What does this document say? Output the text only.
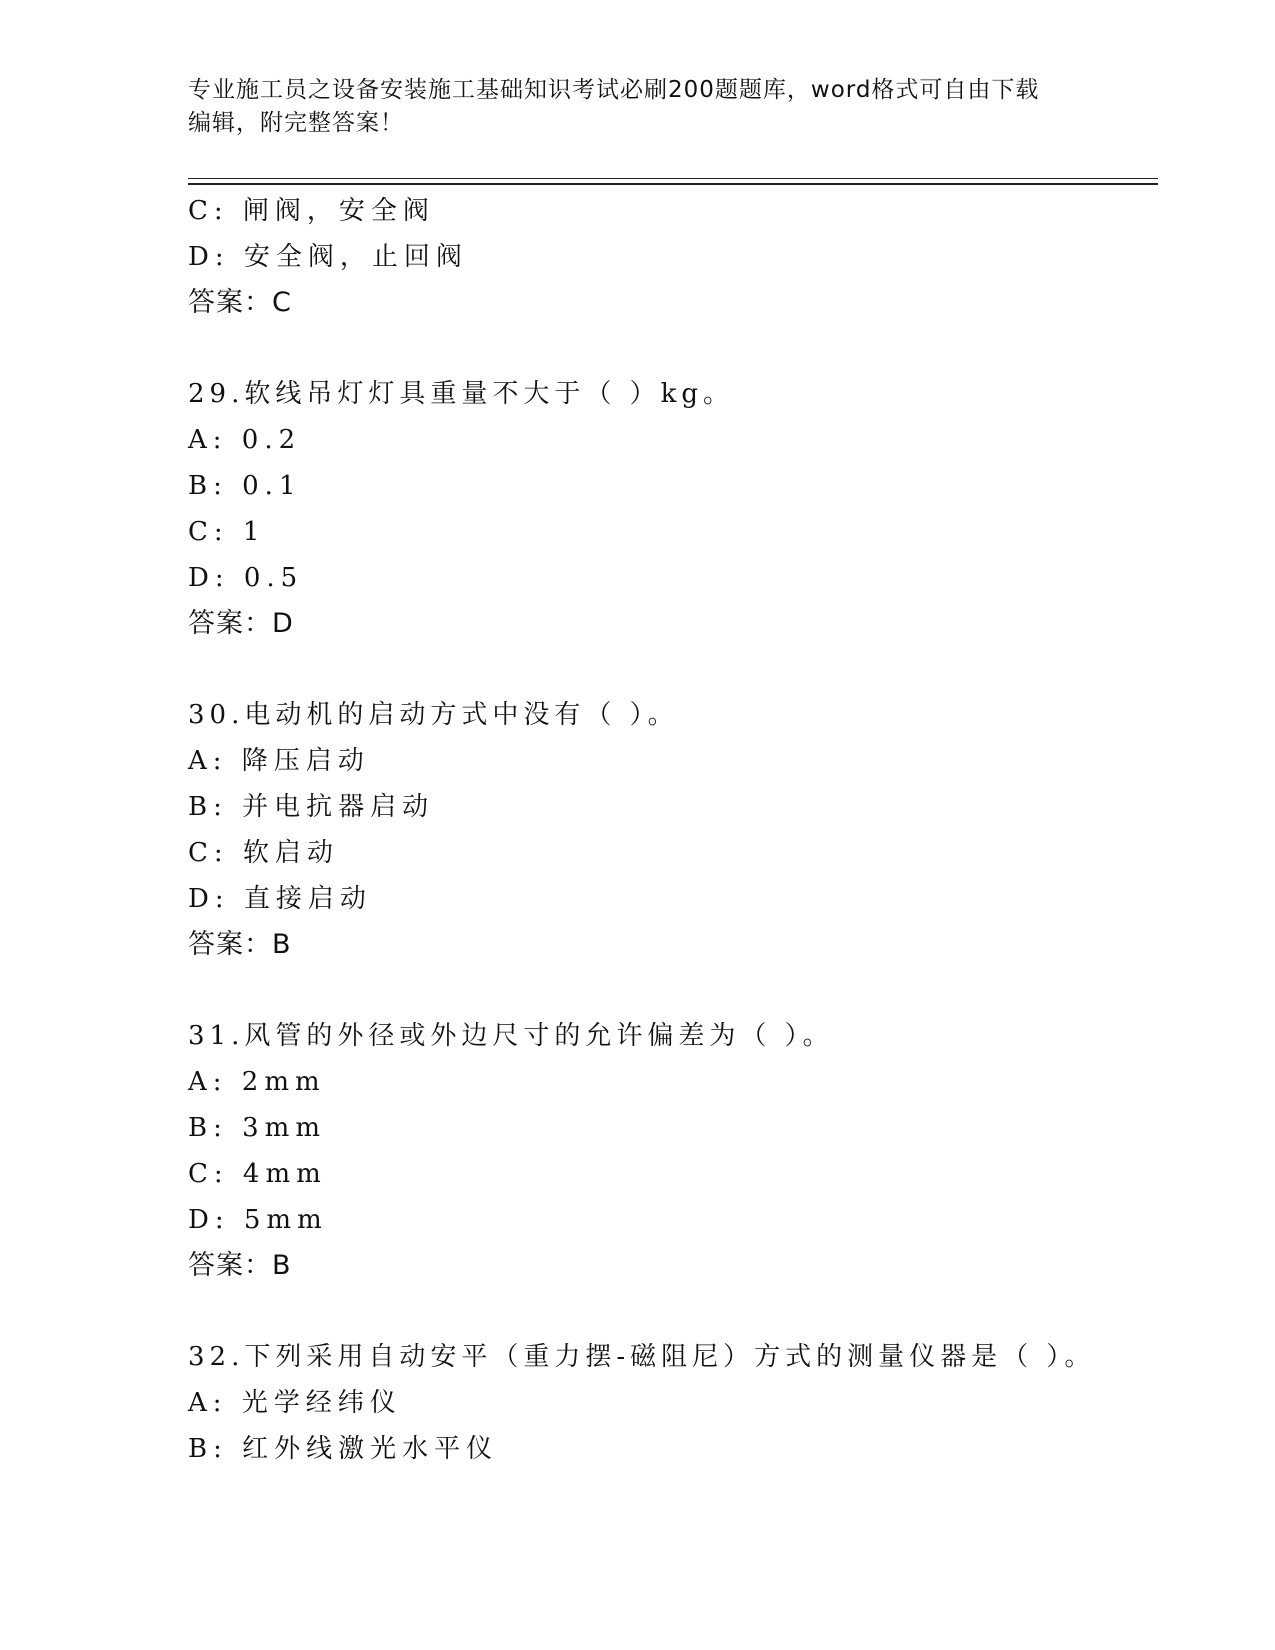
专业施工员之设备安装施工基础知识考试必刷200题题库，word格式可自由下载
编辑，附完整答案！
C: 闸阀，安全阀
D: 安全阀，止回阀
答案：C
29.软线吊灯灯具重量不大于（ ）kg。
A: 0.2
B: 0.1
C: 1
D: 0.5
答案：D
30.电动机的启动方式中没有（ ）。
A: 降压启动
B: 并电抗器启动
C: 软启动
D: 直接启动
答案：B
31.风管的外径或外边尺寸的允许偏差为（ ）。
A: 2mm
B: 3mm
C: 4mm
D: 5mm
答案：B
32.下列采用自动安平（重力摆-磁阻尼）方式的测量仪器是（ ）。
A: 光学经纬仪
B: 红外线激光水平仪
